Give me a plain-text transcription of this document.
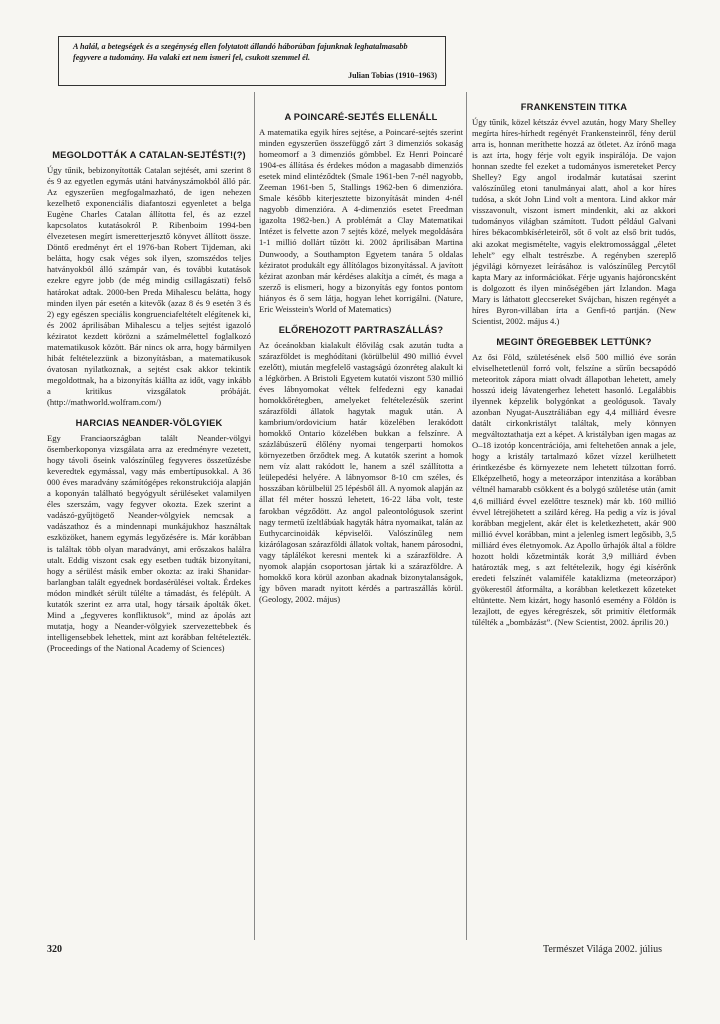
A halál, a betegségek és a szegénység ellen folytatott állandó háborúban fajunknak leghatalmasabb fegyvere a tudomány. Ha valaki ezt nem ismeri fel, csukott szemmel él.
Julian Tobias (1910–1963)
MEGOLDOTTÁK A CATALAN-SEJTÉST!(?)

Úgy tűnik, bebizonyították Catalan sejtését, ami szerint 8 és 9 az egyetlen egymás utáni hatványszámokból álló pár. Az egyszerűen megfogalmazható, de igen nehezen kezelhető exponenciális diafantoszi egyenletet a belga Eugène Charles Catalan állította fel, és az ezzel kapcsolatos kutatásokról P. Ribenboim 1994-ben élvezetesen megírt ismeretterjesztő könyvet állított össze. Döntő eredményt ért el 1976-ban Robert Tijdeman, aki belátta, hogy csak véges sok ilyen, szomszédos teljes hatványokból álló számpár van, és további kutatások ezekre egyre jobb (de még mindig csillagászati) felső határokat adtak. 2000-ben Preda Mihalescu belátta, hogy minden ilyen pár esetén a kitevők (azaz 8 és 9 esetén 3 és 2) egy egészen speciális kongruenciafeltételt elégítenek ki, és 2002 áprilisában Mihalescu a teljes sejtést igazoló kéziratot kezdett körözni a számelmélettel foglalkozó matematikusok között. Bár nincs ok arra, hogy bármilyen hibát feltételezzünk a bizonyításban, a matematikusok óvatosan nyilatkoznak, a sejtést csak akkor tekintik megoldottnak, ha a bizonyítás kiállta az időt, vagy inkább a kritikus vizsgálatok próbáját. (http://mathworld.wolfram.com/)

HARCIAS NEANDER-VÖLGYIEK

Egy Franciaországban talált Neander-völgyi ősemberkoponya vizsgálata arra az eredményre vezetett, hogy távoli őseink valószínűleg fegyveres összetűzésbe keveredtek egymással, vagy más embertípusokkal. A 36 000 éves maradvány számítógépes rekonstrukciója alapján a koponyán található begyógyult sérüléseket valamilyen éles szerszám, vagy fegyver okozta. Ezek szerint a vadászó-gyűjtögető Neander-völgyiek nemcsak a vadászathoz és a mindennapi munkájukhoz használtak eszközöket, hanem egymás legyőzésére is. Már korábban is találtak több olyan maradványt, ami erőszakos halálra utalt. Eddig viszont csak egy esetben tudták bizonyítani, hogy a sérülést másik ember okozta: az iraki Shanidar-barlangban talált egyednek bordasérülései voltak. Érdekes módon mindkét sérült túlélte a támadást, és felépült. A kutatók szerint ez arra utal, hogy társaik ápolták őket. Mind a „fegyveres konfliktusok”, mind az ápolás azt mutatja, hogy a Neander-völgyiek szervezettebbek és intelligensebbek lehettek, mint azt korábban feltételezték. (Proceedings of the National Academy of Sciences)

A POINCARÉ-SEJTÉS ELLENÁLL

A matematika egyik híres sejtése, a Poincaré-sejtés szerint minden egyszerűen összefüggő zárt 3 dimenziós sokaság homeomorf a 3 dimenziós gömbbel. Ez Henri Poincaré 1904-es állítása és érdekes módon a magasabb dimenziós esetek mind elintéződtek (Smale 1961-ben 7-nél nagyobb, Zeeman 1961-ben 5, Stallings 1962-ben 6 dimenzióra. Smale később kiterjesztette bizonyítását minden 4-nél nagyobb dimenzióra. A 4-dimenziós esetet Freedman igazolta 1982-ben.) A problémát a Clay Matematikai Intézet is felvette azon 7 sejtés közé, melyek megoldására 1-1 millió dollárt tűzött ki. 2002 áprilisában Martina Dunwoody, a Southampton Egyetem tanára 5 oldalas kéziratot produkált egy állítólagos bizonyítással. A javított kézirat azonban már kérdéses alakítja a címét, és maga a szerző is elismeri, hogy a bizonyítás egy fontos pontom hiányos és ő sem látja, hogyan lehet korrigálni. (Nature, Eric Weisstein's World of Matematics)

ELŐREHOZOTT PARTRASZÁLLÁS?

Az óceánokban kialakult élővilág csak azután tudta a szárazföldet is meghódítani (körülbelül 490 millió évvel ezelőtt), miután megfelelő vastagságú ózonréteg alakult ki a légkörben. A Bristoli Egyetem kutatói viszont 530 millió éves lábnyomokat véltek felfedezni egy kanadai homokkőrétegben, amelyeket feltételezésük szerint szárazföldi állatok hagytak maguk után. A kambrium/ordovicium határ közelében lerakódott homokkő Ontario közelében bukkan a felszínre. A százlábúszerű élőlény nyomai tengerparti homokos környezetben őrződtek meg. A kutatók szerint a homok nem víz alatt rakódott le, hanem a szél szállította a leülepedési helyére. A lábnyomsor 8-10 cm széles, és hosszában körülbelül 25 lépésből áll. A nyomok alapján az állat fél méter hosszú lehetett, 16-22 lába volt, teste farokban végződött. Az angol paleontológusok szerint nagy termetű ízeltlábúak hagyták hátra nyomaikat, talán az Euthycarcinoidák képviselői. Valószínűleg nem kizárólagosan szárazföldi állatok voltak, hanem párosodni, vagy táplálékot keresni mentek ki a szárazföldre. A nyomok alapján csoportosan jártak ki a szárazföldre. A homokkő kora körül azonban akadnak bizonytalanságok, így bőven maradt nyitott kérdés a partraszállás körül. (Geology, 2002. május)

FRANKENSTEIN TITKA

Úgy tűnik, közel kétszáz évvel azután, hogy Mary Shelley megírta híres-hírhedt regényét Frankensteinről, fény derül arra is, honnan meríthette hozzá az ötletet. Az írónő maga is azt írta, hogy férje volt egyik inspirálója. De vajon honnan szedte fel ezeket a tudományos ismereteket Percy Shelley? Egy angol irodalmár kutatásai szerint valószínűleg etoni tanulmányai alatt, ahol a kor híres tudósa, a skót John Lind volt a mentora. Lind akkor már visszavonult, viszont ismert mindenkit, aki az akkori tudományos világban számított. Tudott például Galvani híres békacombkísérleteiről, sőt ő volt az első brit tudós, aki azokat megismételte, vagyis elektromossággal „életet lehelt” egy elhalt testrészbe. A regényben szereplő jégvilági környezet leírásához is valószínűleg Percytől kapta Mary az információkat. Férje ugyanis hajóroncsként is dolgozott és ilyen minőségében járt Izlandon. Maga Mary is láthatott gleccsereket Svájcban, hiszen regényét a híres Byron-villában írta a Genfi-tó partján. (New Scientist, 2002. május 4.)

MEGINT ÖREGEBBEK LETTÜNK?

Az ősi Föld, születésének első 500 millió éve során elviselhetetlenül forró volt, felszíne a sűrűn becsapódó meteoritok zápora miatt olvadt állapotban lehetett, amely hosszú ideig lávatengerhez lehetett hasonló. Legalábbis ilyennek képzelik bolygónkat a geológusok. Tavaly azonban Nyugat-Ausztráliában egy 4,4 milliárd évesre datált cirkonkristályt találtak, mely könnyen megváltoztathatja ezt a képet. A kristályban igen magas az O–18 izotóp koncentrációja, ami feltehetően annak a jele, hogy a kristály tartalmazó kőzet vízzel kerülhetett érintkezésbe és környezete nem lehetett túlzottan forró. Elképzelhető, hogy a meteorzápor intenzitása a korábban véltnél hamarabb csökkent és a bolygó születése után (amit 4,6 milliárd évvel ezelőttre tesznek) már kb. 160 millió évvel létrejöhetett a szilárd kéreg. Ha pedig a víz is jóval korábban megjelent, akár élet is keletkezhetett, akár 900 millió évvel korábban, mint a jelenleg ismert legősibb, 3,5 milliárd éves életnyomok. Az Apollo űrhajók által a földre hozott holdi kőzetminták korát 3,9 milliárd évben határozták meg, s azt feltételezik, hogy égi kísérőnk eredeti felszínét valamiféle kataklizma (meteorzápor) gyökerestől átformálta, a korábban keletkezett kőzeteket eltüntette. Nem kizárt, hogy hasonló esemény a Földön is lezajlott, de egyes kéregrészek, sőt primitív életformák túlélték a „bombázást”. (New Scientist, 2002. április 20.)

320	Természet Világa 2002. július
